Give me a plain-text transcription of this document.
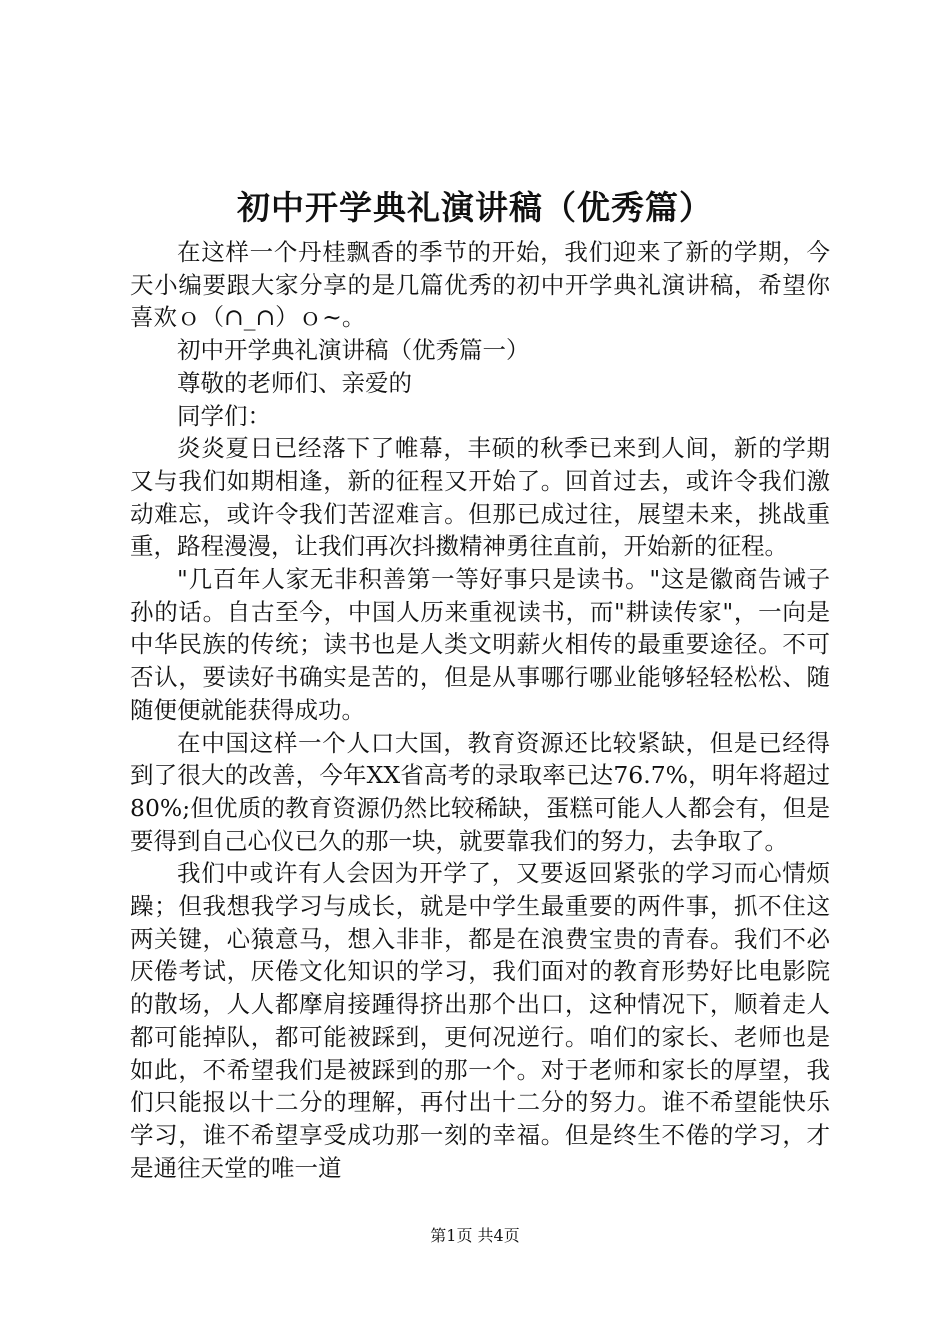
初中开学典礼演讲稿（优秀篇）

在这样一个丹桂飘香的季节的开始，我们迎来了新的学期，今天小编要跟大家分享的是几篇优秀的初中开学典礼演讲稿，希望你喜欢ｏ（∩_∩）ｏ~。

初中开学典礼演讲稿（优秀篇一）

尊敬的老师们、亲爱的

同学们：

炎炎夏日已经落下了帷幕，丰硕的秋季已来到人间，新的学期又与我们如期相逢，新的征程又开始了。回首过去，或许令我们激动难忘，或许令我们苦涩难言。但那已成过往，展望未来，挑战重重，路程漫漫，让我们再次抖擞精神勇往直前，开始新的征程。

"几百年人家无非积善第一等好事只是读书。"这是徽商告诫子孙的话。自古至今，中国人历来重视读书，而"耕读传家"，一向是中华民族的传统；读书也是人类文明薪火相传的最重要途径。不可否认，要读好书确实是苦的，但是从事哪行哪业能够轻轻松松、随随便便就能获得成功。

在中国这样一个人口大国，教育资源还比较紧缺，但是已经得到了很大的改善，今年XX省高考的录取率已达76.7%，明年将超过80%;但优质的教育资源仍然比较稀缺，蛋糕可能人人都会有，但是要得到自己心仪已久的那一块，就要靠我们的努力，去争取了。

我们中或许有人会因为开学了，又要返回紧张的学习而心情烦躁；但我想我学习与成长，就是中学生最重要的两件事，抓不住这两关键，心猿意马，想入非非，都是在浪费宝贵的青春。我们不必厌倦考试，厌倦文化知识的学习，我们面对的教育形势好比电影院的散场，人人都摩肩接踵得挤出那个出口，这种情况下，顺着走人都可能掉队，都可能被踩到，更何况逆行。咱们的家长、老师也是如此，不希望我们是被踩到的那一个。对于老师和家长的厚望，我们只能报以十二分的理解，再付出十二分的努力。谁不希望能快乐学习，谁不希望享受成功那一刻的幸福。但是终生不倦的学习，才是通往天堂的唯一道

第1页 共4页
